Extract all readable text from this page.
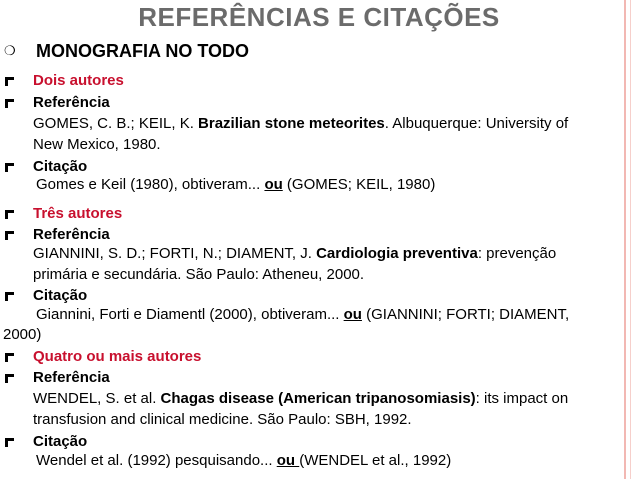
REFERÊNCIAS E CITAÇÕES
❍ MONOGRAFIA NO TODO
Dois autores
Referência
GOMES, C. B.; KEIL, K. Brazilian stone meteorites. Albuquerque: University of
New Mexico, 1980.
Citação
Gomes e Keil (1980), obtiveram... ou (GOMES; KEIL, 1980)
Três autores
Referência
GIANNINI, S. D.; FORTI, N.; DIAMENT, J. Cardiologia preventiva: prevenção
primária e secundária. São Paulo: Atheneu, 2000.
Citação
Giannini, Forti e Diamentl (2000), obtiveram... ou (GIANNINI; FORTI; DIAMENT,
2000)
Quatro ou mais autores
Referência
WENDEL, S. et al. Chagas disease (American tripanosomiasis): its impact on
transfusion and clinical medicine. São Paulo: SBH, 1992.
Citação
Wendel et al. (1992) pesquisando... ou (WENDEL et al., 1992)
